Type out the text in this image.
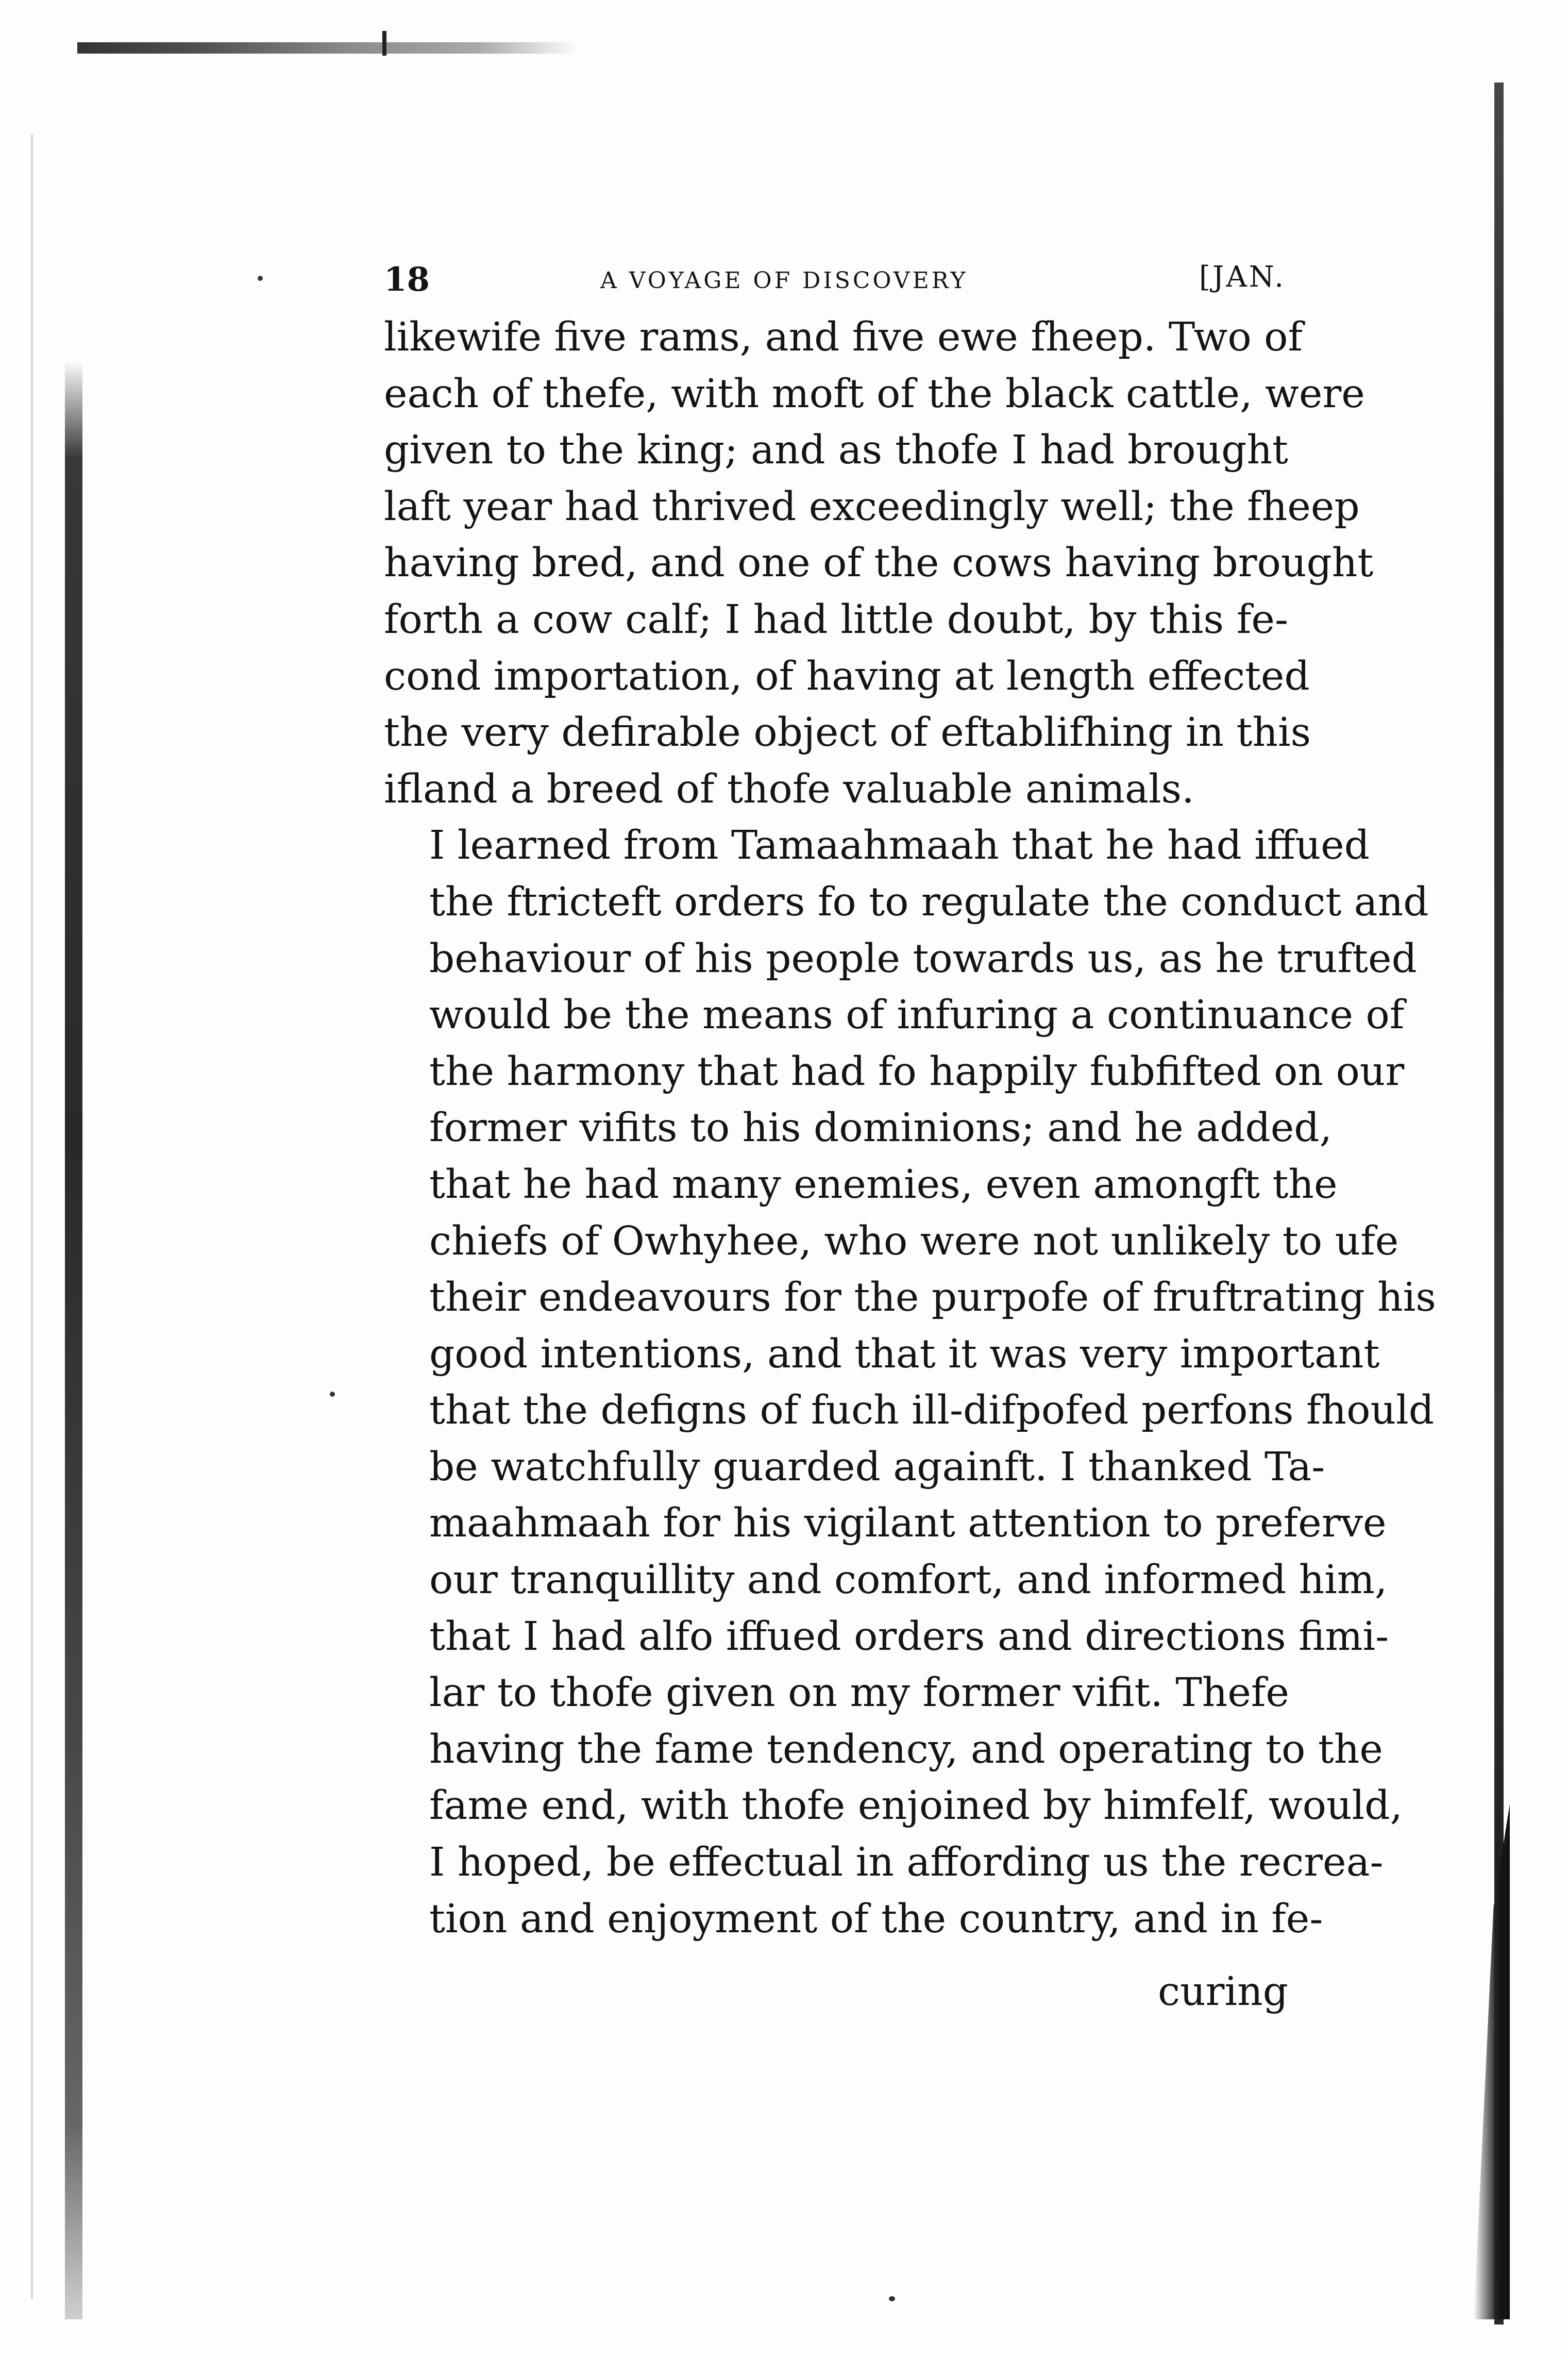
18	A VOYAGE OF DISCOVERY	[JAN.
likewife five rams, and five ewe fheep. Two of
each of thefe, with moft of the black cattle, were
given to the king; and as thofe I had brought
laft year had thrived exceedingly well; the fheep
having bred, and one of the cows having brought
forth a cow calf; I had little doubt, by this fe-
cond importation, of having at length effected
the very defirable object of eftablifhing in this
ifland a breed of thofe valuable animals.
I learned from Tamaahmaah that he had iffued
the ftricteft orders fo to regulate the conduct and
behaviour of his people towards us, as he trufted
would be the means of infuring a continuance of
the harmony that had fo happily fubfifted on our
former vifits to his dominions; and he added,
that he had many enemies, even amongft the
chiefs of Owhyhee, who were not unlikely to ufe
their endeavours for the purpofe of fruftrating his
good intentions, and that it was very important
that the defigns of fuch ill-difpofed perfons fhould
be watchfully guarded againft. I thanked Ta-
maahmaah for his vigilant attention to preferve
our tranquillity and comfort, and informed him,
that I had alfo iffued orders and directions fimi-
lar to thofe given on my former vifit. Thefe
having the fame tendency, and operating to the
fame end, with thofe enjoined by himfelf, would,
I hoped, be effectual in affording us the recrea-
tion and enjoyment of the country, and in fe-
curing
